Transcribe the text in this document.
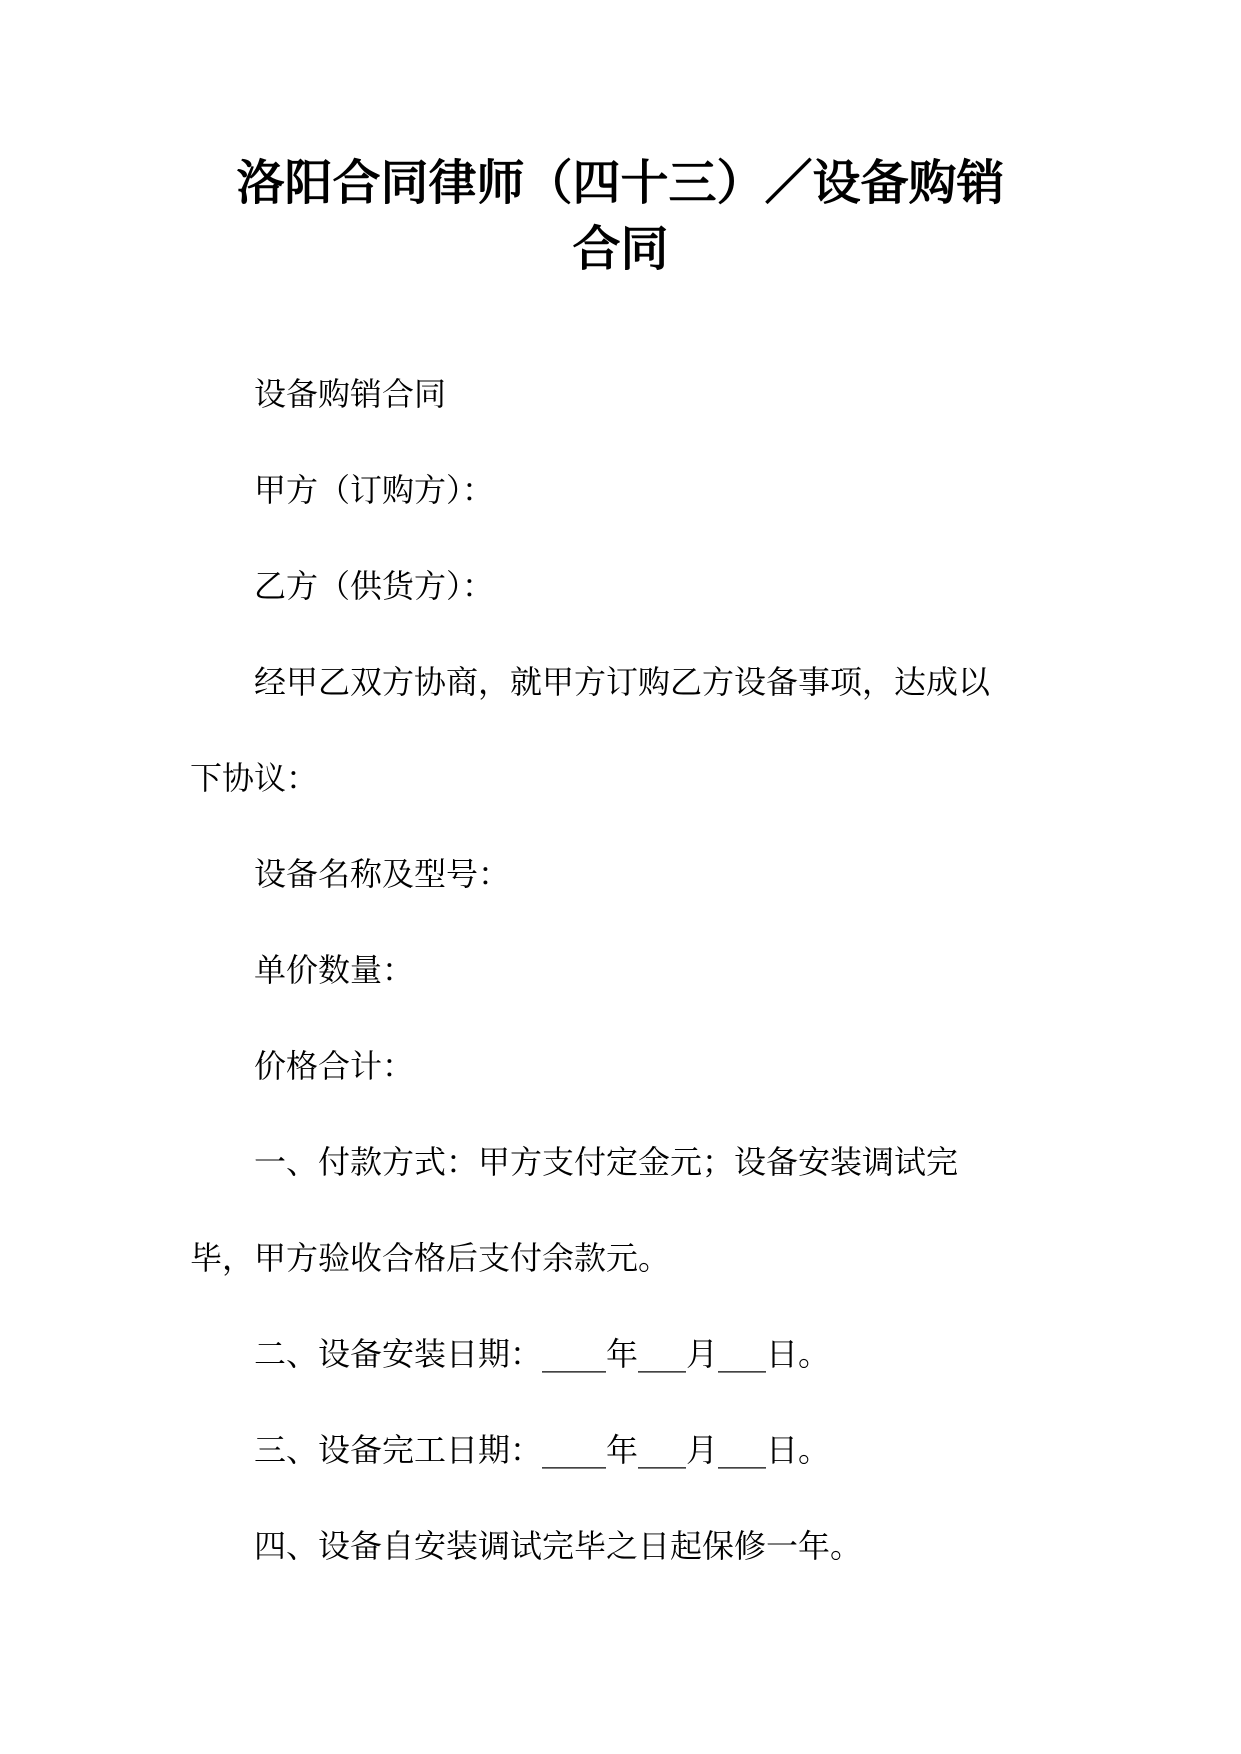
洛阳合同律师（四十三）／设备购销
合同

设备购销合同

甲方（订购方）：

乙方（供货方）：

经甲乙双方协商，就甲方订购乙方设备事项，达成以

下协议：

设备名称及型号：

单价数量：

价格合计：

一、付款方式：甲方支付定金元；设备安装调试完

毕，甲方验收合格后支付余款元。

二、设备安装日期：____年___月___日。

三、设备完工日期：____年___月___日。

四、设备自安装调试完毕之日起保修一年。
